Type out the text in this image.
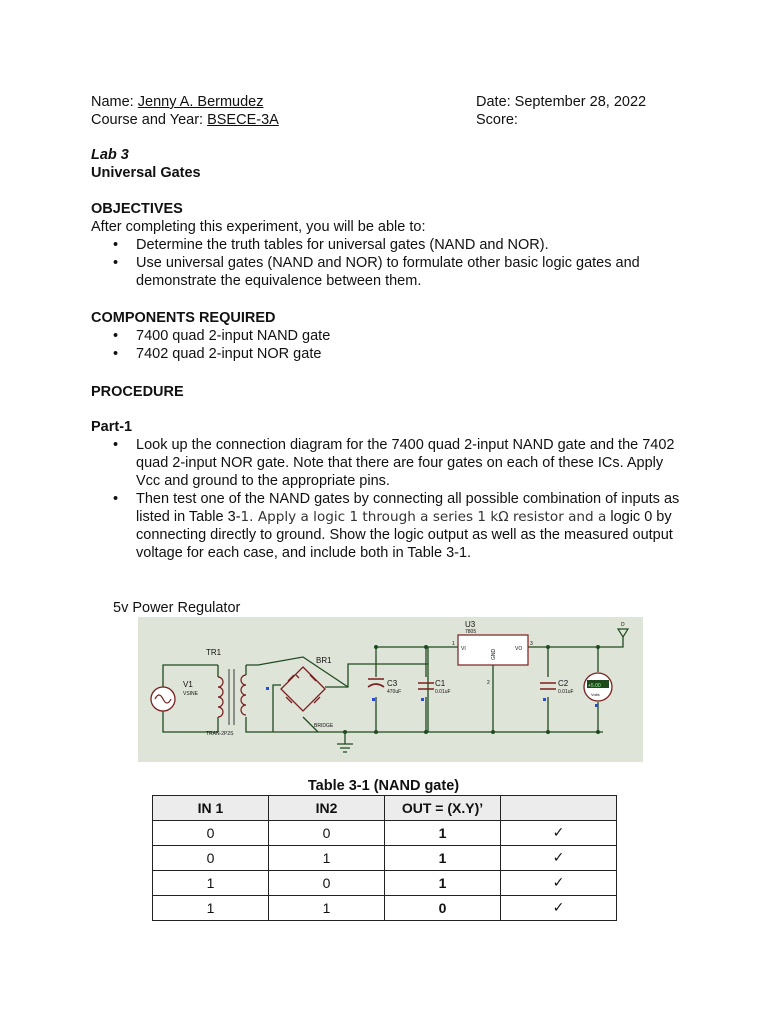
Name: Jenny A. Bermudez
Course and Year: BSECE-3A
Date: September 28, 2022
Score:
Lab 3
Universal Gates
OBJECTIVES
After completing this experiment, you will be able to:
• Determine the truth tables for universal gates (NAND and NOR).
• Use universal gates (NAND and NOR) to formulate other basic logic gates and demonstrate the equivalence between them.
COMPONENTS REQUIRED
• 7400 quad 2-input NAND gate
• 7402 quad 2-input NOR gate
PROCEDURE
Part-1
• Look up the connection diagram for the 7400 quad 2-input NAND gate and the 7402 quad 2-input NOR gate. Note that there are four gates on each of these ICs. Apply Vcc and ground to the appropriate pins.
• Then test one of the NAND gates by connecting all possible combination of inputs as listed in Table 3-1. Apply a logic 1 through a series 1 kΩ resistor and a logic 0 by connecting directly to ground. Show the logic output as well as the measured output voltage for each case, and include both in Table 3-1.
5v Power Regulator
TR1
V1
VSINE
TRAN-2P2S
BR1
BRIDGE
C3
470uF
C1
0.01uF
U3
7805
VI	VO
GND
1	3
2	C2
0.01uF
+5.00
Volts
D
Table 3-1 (NAND gate)
IN 1	IN2	OUT = (X.Y)’	
0	0	1	✓
0	1	1	✓
1	0	1	✓
1	1	0	✓
